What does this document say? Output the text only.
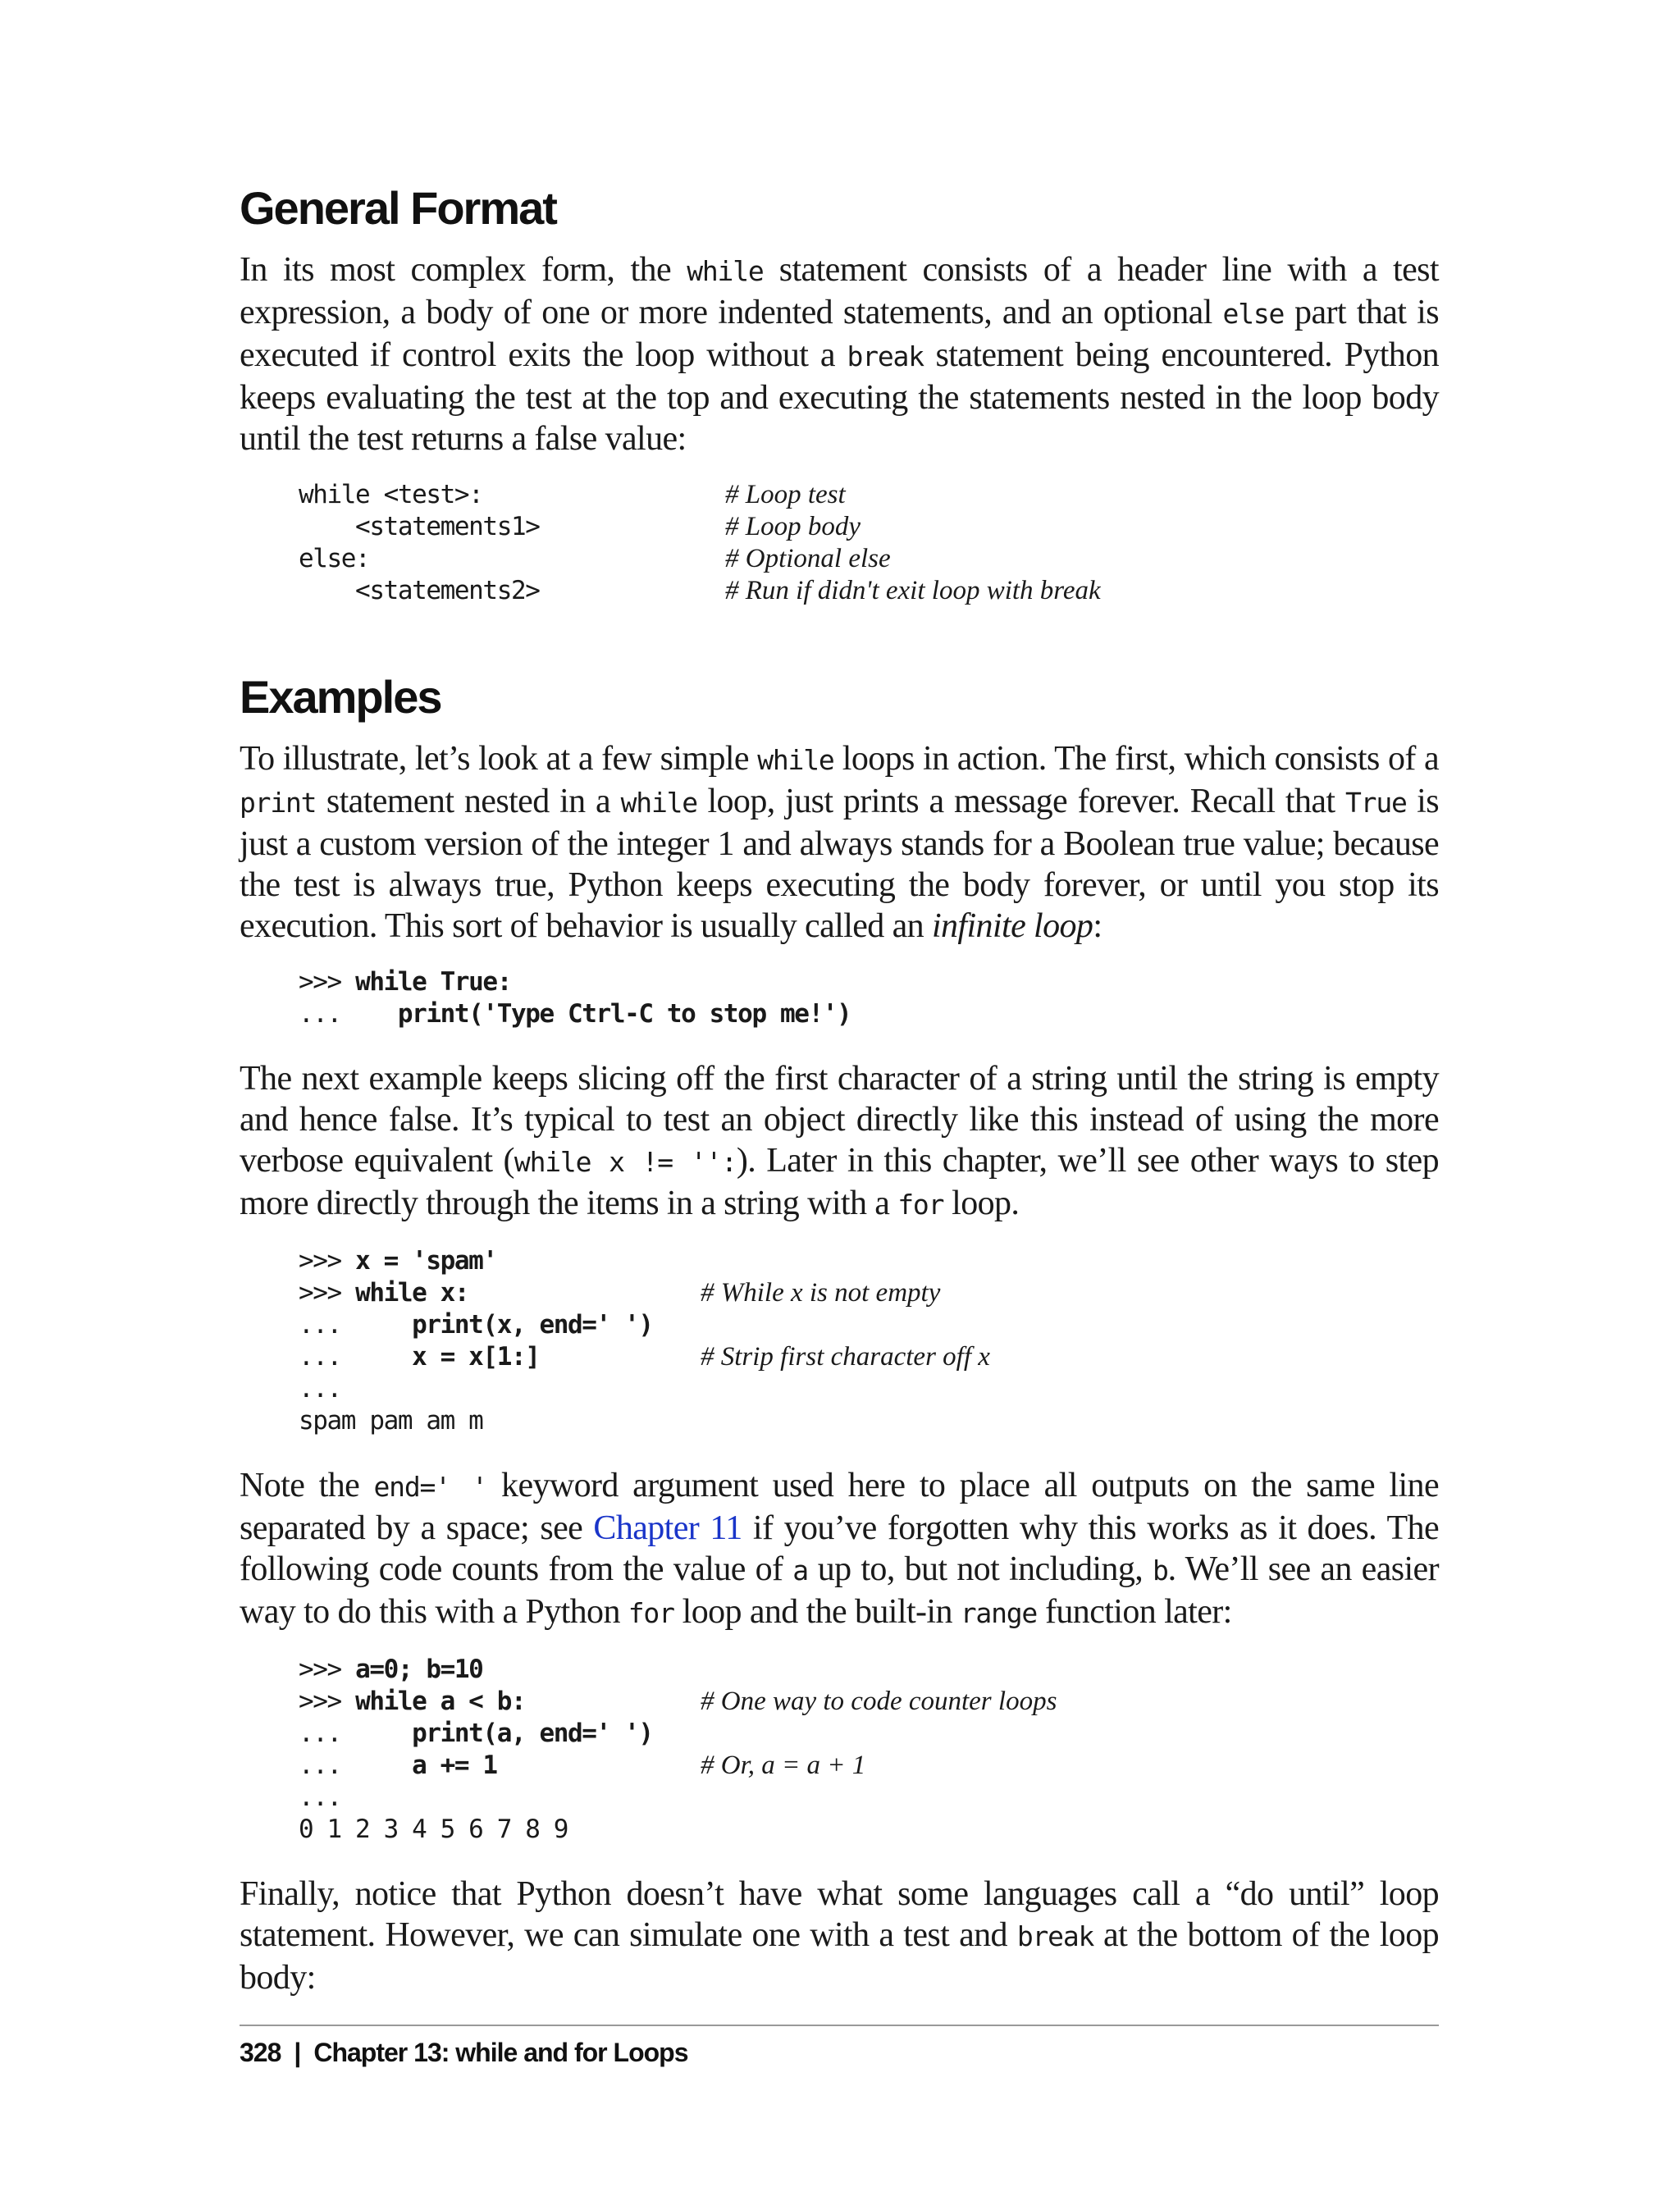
General Format

In its most complex form, the while statement consists of a header line with a test expression, a body of one or more indented statements, and an optional else part that is executed if control exits the loop without a break statement being encountered. Python keeps evaluating the test at the top and executing the statements nested in the loop body until the test returns a false value:

while <test>:	# Loop test
<statements1>	# Loop body
else:	# Optional else
<statements2>	# Run if didn't exit loop with break
Examples

To illustrate, let’s look at a few simple while loops in action. The first, which consists of a print statement nested in a while loop, just prints a message forever. Recall that True is just a custom version of the integer 1 and always stands for a Boolean true value; because the test is always true, Python keeps executing the body forever, or until you stop its execution. This sort of behavior is usually called an infinite loop:

>>> while True:
...    print('Type Ctrl-C to stop me!')

The next example keeps slicing off the first character of a string until the string is empty and hence false. It’s typical to test an object directly like this instead of using the more verbose equivalent (while x != '':). Later in this chapter, we’ll see other ways to step more directly through the items in a string with a for loop.

>>> x = 'spam'
>>> while x:	# While x is not empty
...     print(x, end=' ')
...     x = x[1:]	# Strip first character off x
...
spam pam am m

Note the end=' ' keyword argument used here to place all outputs on the same line separated by a space; see Chapter 11 if you’ve forgotten why this works as it does. The following code counts from the value of a up to, but not including, b. We’ll see an easier way to do this with a Python for loop and the built-in range function later:

>>> a=0; b=10
>>> while a < b:	# One way to code counter loops
...     print(a, end=' ')
...     a += 1	# Or, a = a + 1
...
0 1 2 3 4 5 6 7 8 9

Finally, notice that Python doesn’t have what some languages call a “do until” loop statement. However, we can simulate one with a test and break at the bottom of the loop body:

328 | Chapter 13: while and for Loops
